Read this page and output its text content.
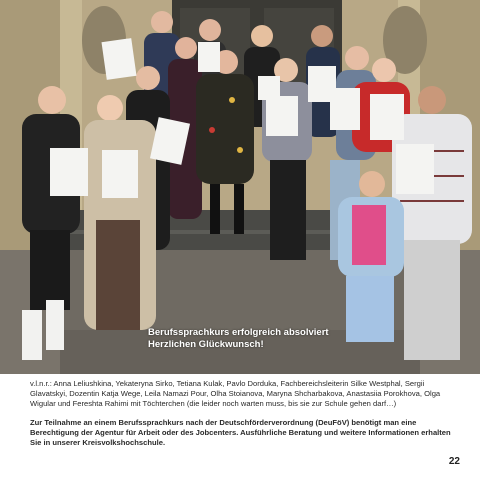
Berufssprachkurs erfolgreich absolviert
Herzlichen Glückwunsch!
v.l.n.r.: Anna Leliushkina, Yekateryna Sirko, Tetiana Kulak, Pavlo Dorduka, Fachbereichsleiterin Silke Westphal, Sergii Glavatskyi, Dozentin Katja Wege, Leila Namazi Pour, Olha Stoianova, Maryna Shcharbakova, Anastasiia Porokhova, Olga Wigular und Fereshta Rahimi mit Töchterchen (die leider noch warten muss, bis sie zur Schule gehen darf…)
Zur Teilnahme an einem Berufssprachkurs nach der Deutschförderverordnung (DeuFöV) benötigt man eine Berechtigung der Agentur für Arbeit oder des Jobcenters. Ausführliche Beratung und weitere Informationen erhalten Sie in unserer Kreisvolkshochschule.
22
